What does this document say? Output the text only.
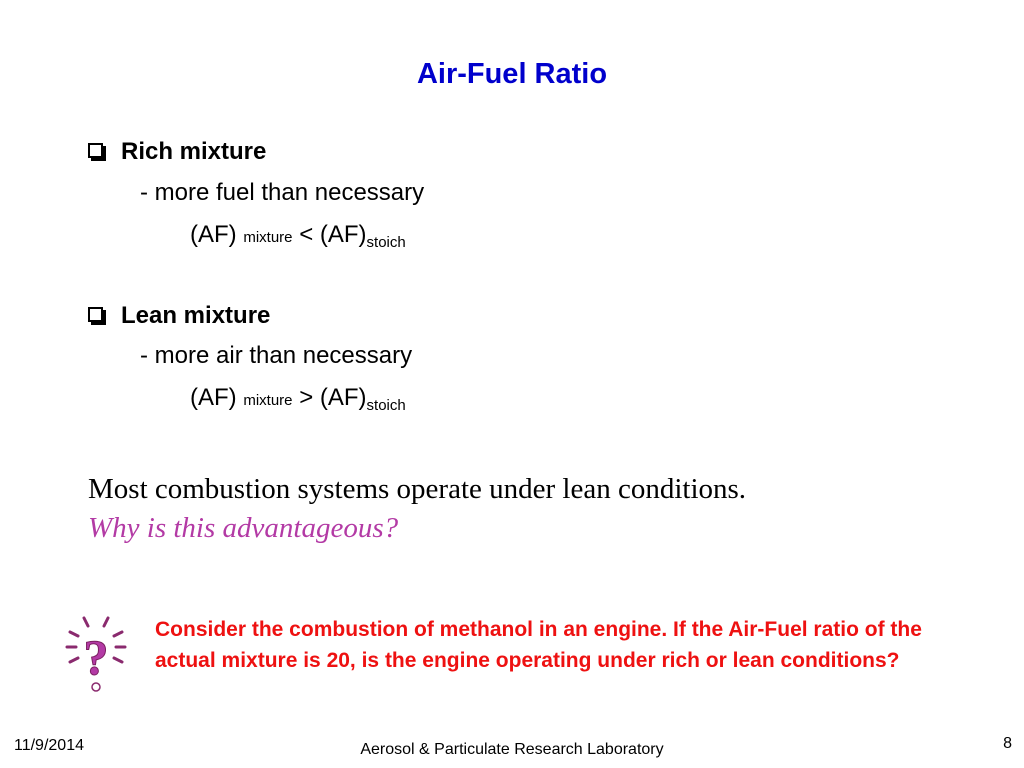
Air-Fuel Ratio
Rich mixture
- more fuel than necessary
(AF) mixture < $(AF)_{stoich}$
Lean mixture
- more air than necessary
(AF) mixture > $(AF)_{stoich}$
Most combustion systems operate under lean conditions.
Why is this advantageous?
? Consider the combustion of methanol in an engine. If the Air-Fuel ratio of the actual mixture is 20, is the engine operating under rich or lean conditions?
11/9/2014	Aerosol & Particulate Research Laboratory	8
